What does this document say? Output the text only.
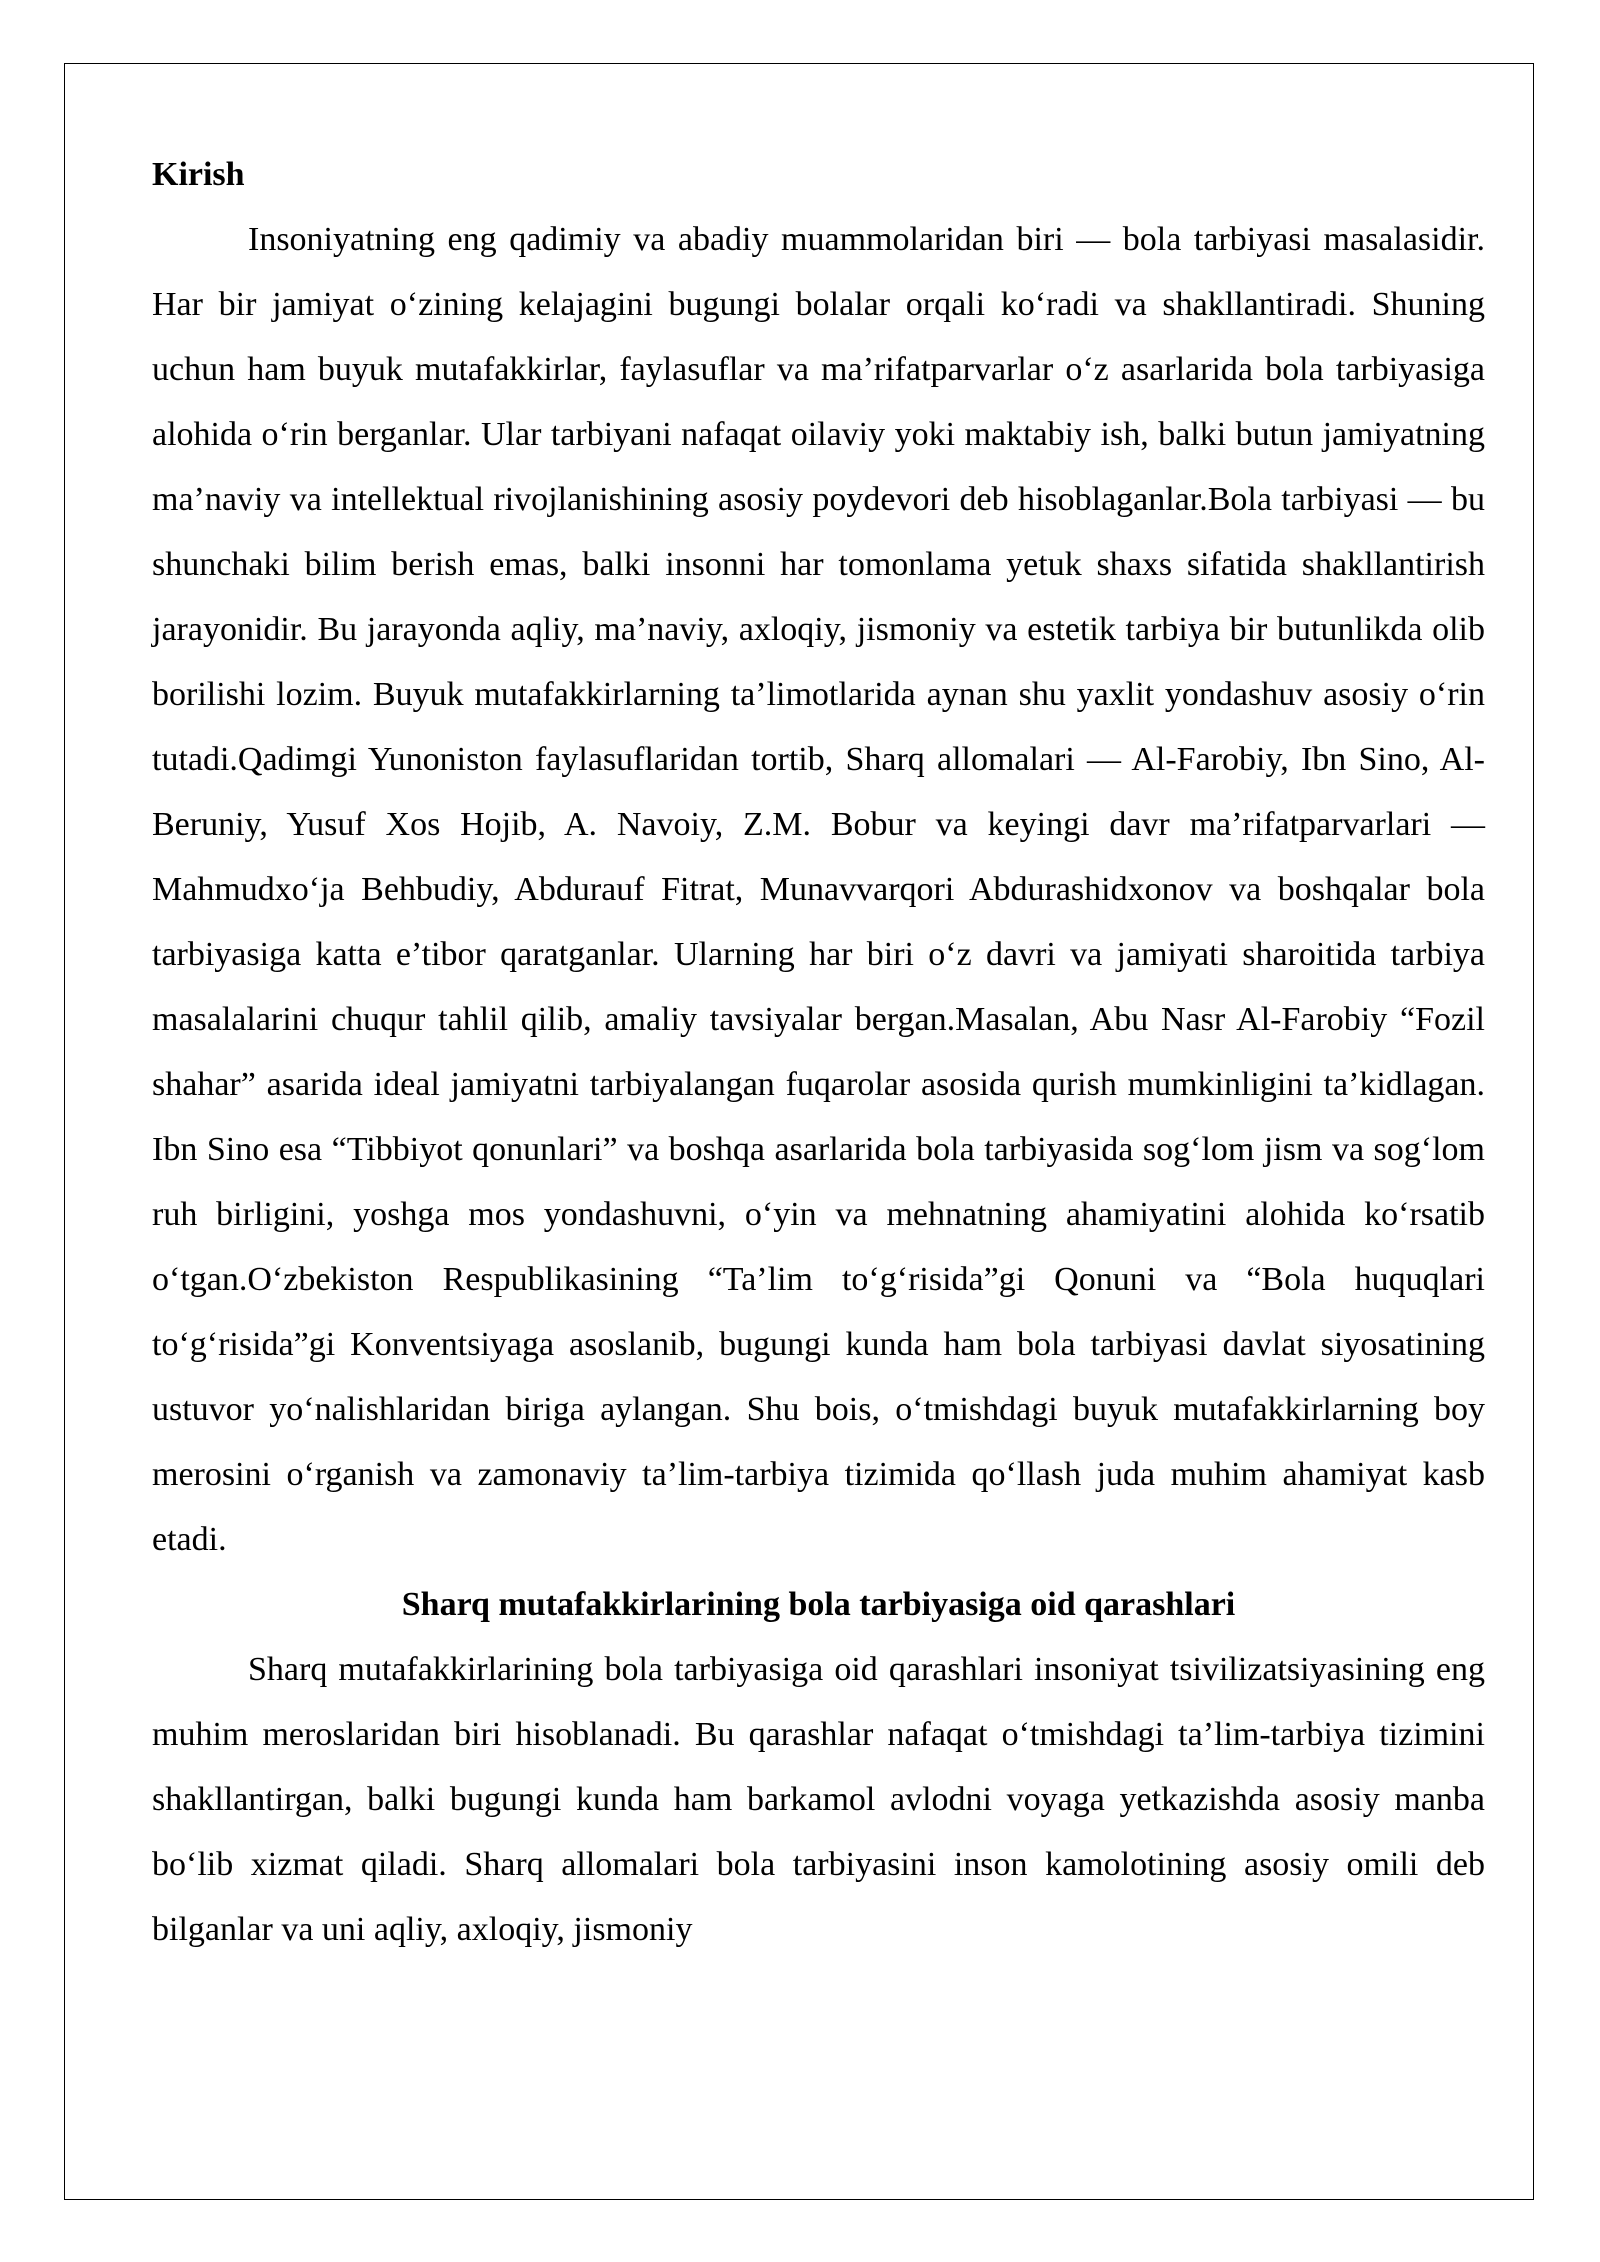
Kirish

Insoniyatning eng qadimiy va abadiy muammolaridan biri — bola tarbiyasi masalasidir. Har bir jamiyat o‘zining kelajagini bugungi bolalar orqali ko‘radi va shakllantiradi. Shuning uchun ham buyuk mutafakkirlar, faylasuflar va ma’rifatparvarlar o‘z asarlarida bola tarbiyasiga alohida o‘rin berganlar. Ular tarbiyani nafaqat oilaviy yoki maktabiy ish, balki butun jamiyatning ma’naviy va intellektual rivojlanishining asosiy poydevori deb hisoblaganlar.Bola tarbiyasi — bu shunchaki bilim berish emas, balki insonni har tomonlama yetuk shaxs sifatida shakllantirish jarayonidir. Bu jarayonda aqliy, ma’naviy, axloqiy, jismoniy va estetik tarbiya bir butunlikda olib borilishi lozim. Buyuk mutafakkirlarning ta’limotlarida aynan shu yaxlit yondashuv asosiy o‘rin tutadi.Qadimgi Yunoniston faylasuflaridan tortib, Sharq allomalari — Al-Farobiy, Ibn Sino, Al-Beruniy, Yusuf Xos Hojib, A. Navoiy, Z.M. Bobur va keyingi davr ma’rifatparvarlari — Mahmudxo‘ja Behbudiy, Abdurauf Fitrat, Munavvarqori Abdurashidxonov va boshqalar bola tarbiyasiga katta e’tibor qaratganlar. Ularning har biri o‘z davri va jamiyati sharoitida tarbiya masalalarini chuqur tahlil qilib, amaliy tavsiyalar bergan.Masalan, Abu Nasr Al-Farobiy “Fozil shahar” asarida ideal jamiyatni tarbiyalangan fuqarolar asosida qurish mumkinligini ta’kidlagan. Ibn Sino esa “Tibbiyot qonunlari” va boshqa asarlarida bola tarbiyasida sog‘lom jism va sog‘lom ruh birligini, yoshga mos yondashuvni, o‘yin va mehnatning ahamiyatini alohida ko‘rsatib o‘tgan.O‘zbekiston Respublikasining “Ta’lim to‘g‘risida”gi Qonuni va “Bola huquqlari to‘g‘risida”gi Konventsiyaga asoslanib, bugungi kunda ham bola tarbiyasi davlat siyosatining ustuvor yo‘nalishlaridan biriga aylangan. Shu bois, o‘tmishdagi buyuk mutafakkirlarning boy merosini o‘rganish va zamonaviy ta’lim-tarbiya tizimida qo‘llash juda muhim ahamiyat kasb etadi.

Sharq mutafakkirlarining bola tarbiyasiga oid qarashlari

Sharq mutafakkirlarining bola tarbiyasiga oid qarashlari insoniyat tsivilizatsiyasining eng muhim meroslaridan biri hisoblanadi. Bu qarashlar nafaqat o‘tmishdagi ta’lim-tarbiya tizimini shakllantirgan, balki bugungi kunda ham barkamol avlodni voyaga yetkazishda asosiy manba bo‘lib xizmat qiladi. Sharq allomalari bola tarbiyasini inson kamolotining asosiy omili deb bilganlar va uni aqliy, axloqiy, jismoniy
